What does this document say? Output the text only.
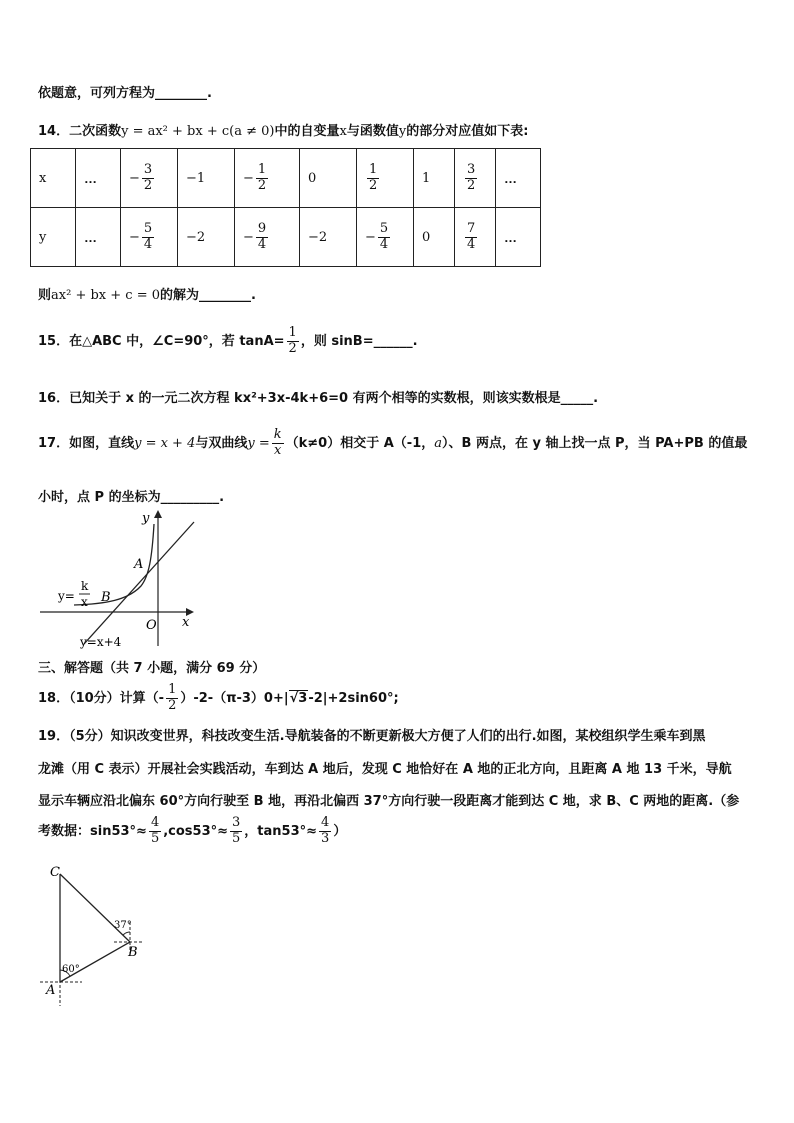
依题意，可列方程为________.
14．二次函数y = ax² + bx + c(a ≠ 0)中的自变量x与函数值y的部分对应值如下表:
x	…	− $\frac{3}{2}$	−1	− $\frac{1}{2}$	0	$\frac{1}{2}$	1	$\frac{3}{2}$	…
y	…	− $\frac{5}{4}$	−2	− $\frac{9}{4}$	−2	− $\frac{5}{4}$	0	$\frac{7}{4}$	…
则ax² + bx + c = 0的解为________.
15．在△ABC 中，∠C=90°，若 $\tan A= \frac{1}{2}$ ，则 sinB=______.
16．已知关于 x 的一元二次方程 kx²+3x-4k+6=0 有两个相等的实数根，则该实数根是_____.
17．如图，直线y = x + 4与双曲线$y = \frac{k}{x} (k\ne 0)$相交于 A（-1，a）、B 两点，在 y 轴上找一点 P，当 PA+PB 的值最
小时，点 P 的坐标为_________.
y
x
O
A
B
y=
k
x
y=x+4
三、解答题（共 7 小题，满分 69 分）
18．（10分）计算（- $\frac{1}{2} )-2-(\pi-3)0+|√3-2|+2\sin 60^\circ$;
19．（5分）知识改变世界，科技改变生活.导航装备的不断更新极大方便了人们的出行.如图，某校组织学生乘车到黑
龙滩（用 C 表示）开展社会实践活动，车到达 A 地后，发现 C 地恰好在 A 地的正北方向，且距离 A 地 13 千米，导航
显示车辆应沿北偏东 60°方向行驶至 B 地，再沿北偏西 37°方向行驶一段距离才能到达 C 地，求 B、C 两地的距离.（参
考数据：$\sin 53^\circ\approx \frac{4}{5} ,\cos 53^\circ\approx \frac{3}{5}$ ，$\tan 53^\circ\approx \frac{4}{3}$ ）
C
B
A
60°
37°
